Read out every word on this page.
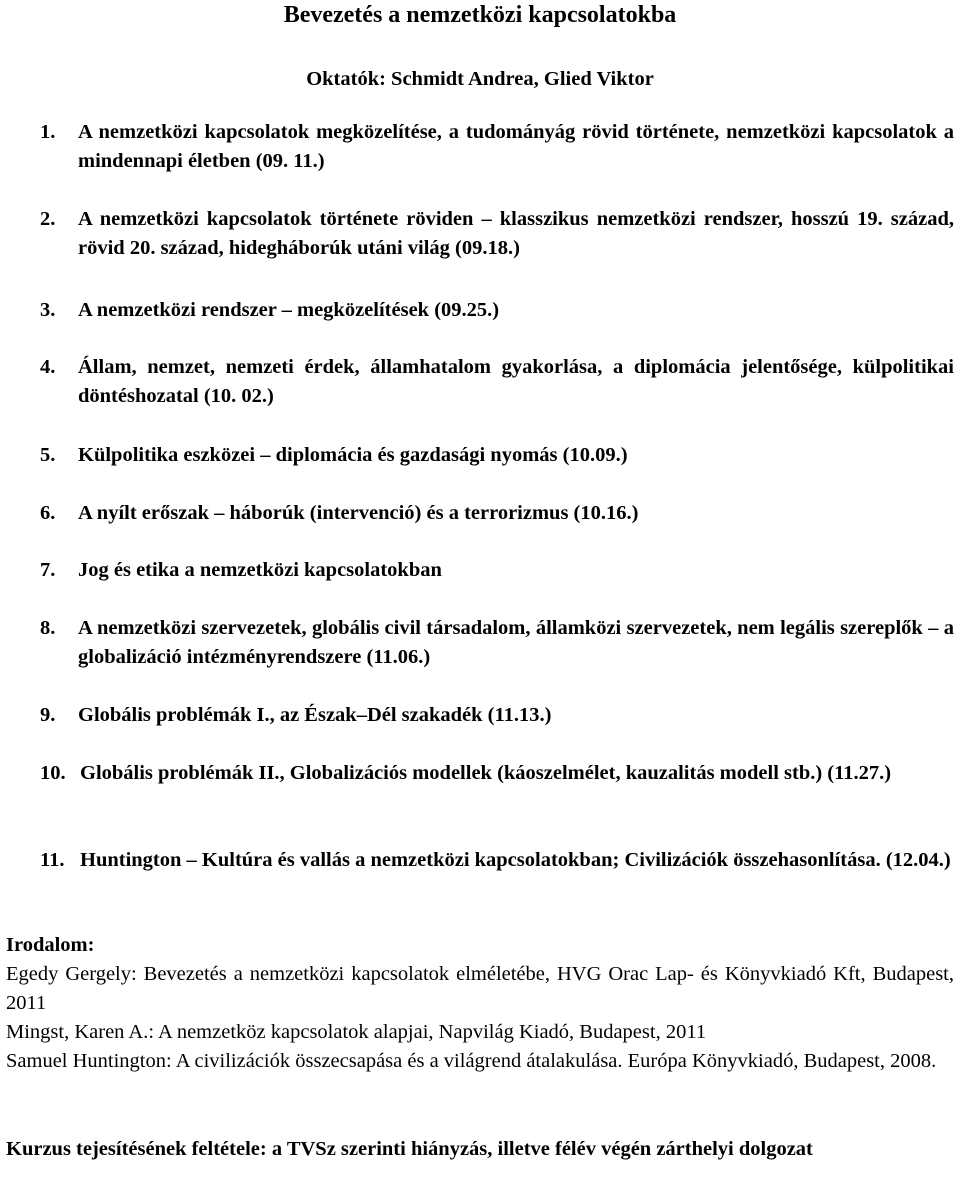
Bevezetés a nemzetközi kapcsolatokba
Oktatók: Schmidt Andrea, Glied Viktor
1. A nemzetközi kapcsolatok megközelítése, a tudományág rövid története, nemzetközi kapcsolatok a mindennapi életben (09. 11.)
2. A nemzetközi kapcsolatok története röviden – klasszikus nemzetközi rendszer, hosszú 19. század, rövid 20. század, hidegháborúk utáni világ (09.18.)
3. A nemzetközi rendszer – megközelítések (09.25.)
4. Állam, nemzet, nemzeti érdek, államhatalom gyakorlása, a diplomácia jelentősége, külpolitikai döntéshozatal (10. 02.)
5. Külpolitika eszközei – diplomácia és gazdasági nyomás (10.09.)
6. A nyílt erőszak – háborúk (intervenció) és a terrorizmus (10.16.)
7. Jog és etika a nemzetközi kapcsolatokban
8. A nemzetközi szervezetek, globális civil társadalom, államközi szervezetek, nem legális szereplők – a globalizáció intézményrendszere (11.06.)
9. Globális problémák I., az Észak–Dél szakadék (11.13.)
10. Globális problémák II., Globalizációs modellek (káoszelmélet, kauzalitás modell stb.) (11.27.)
11. Huntington – Kultúra és vallás a nemzetközi kapcsolatokban; Civilizációk összehasonlítása. (12.04.)
Irodalom:
Egedy Gergely: Bevezetés a nemzetközi kapcsolatok elméletébe, HVG Orac Lap- és Könyvkiadó Kft, Budapest, 2011
Mingst, Karen A.: A nemzetköz kapcsolatok alapjai, Napvilág Kiadó, Budapest, 2011
Samuel Huntington: A civilizációk összecsapása és a világrend átalakulása. Európa Könyvkiadó, Budapest, 2008.
Kurzus tejesítésének feltétele: a TVSz szerinti hiányzás, illetve félév végén zárthelyi dolgozat
